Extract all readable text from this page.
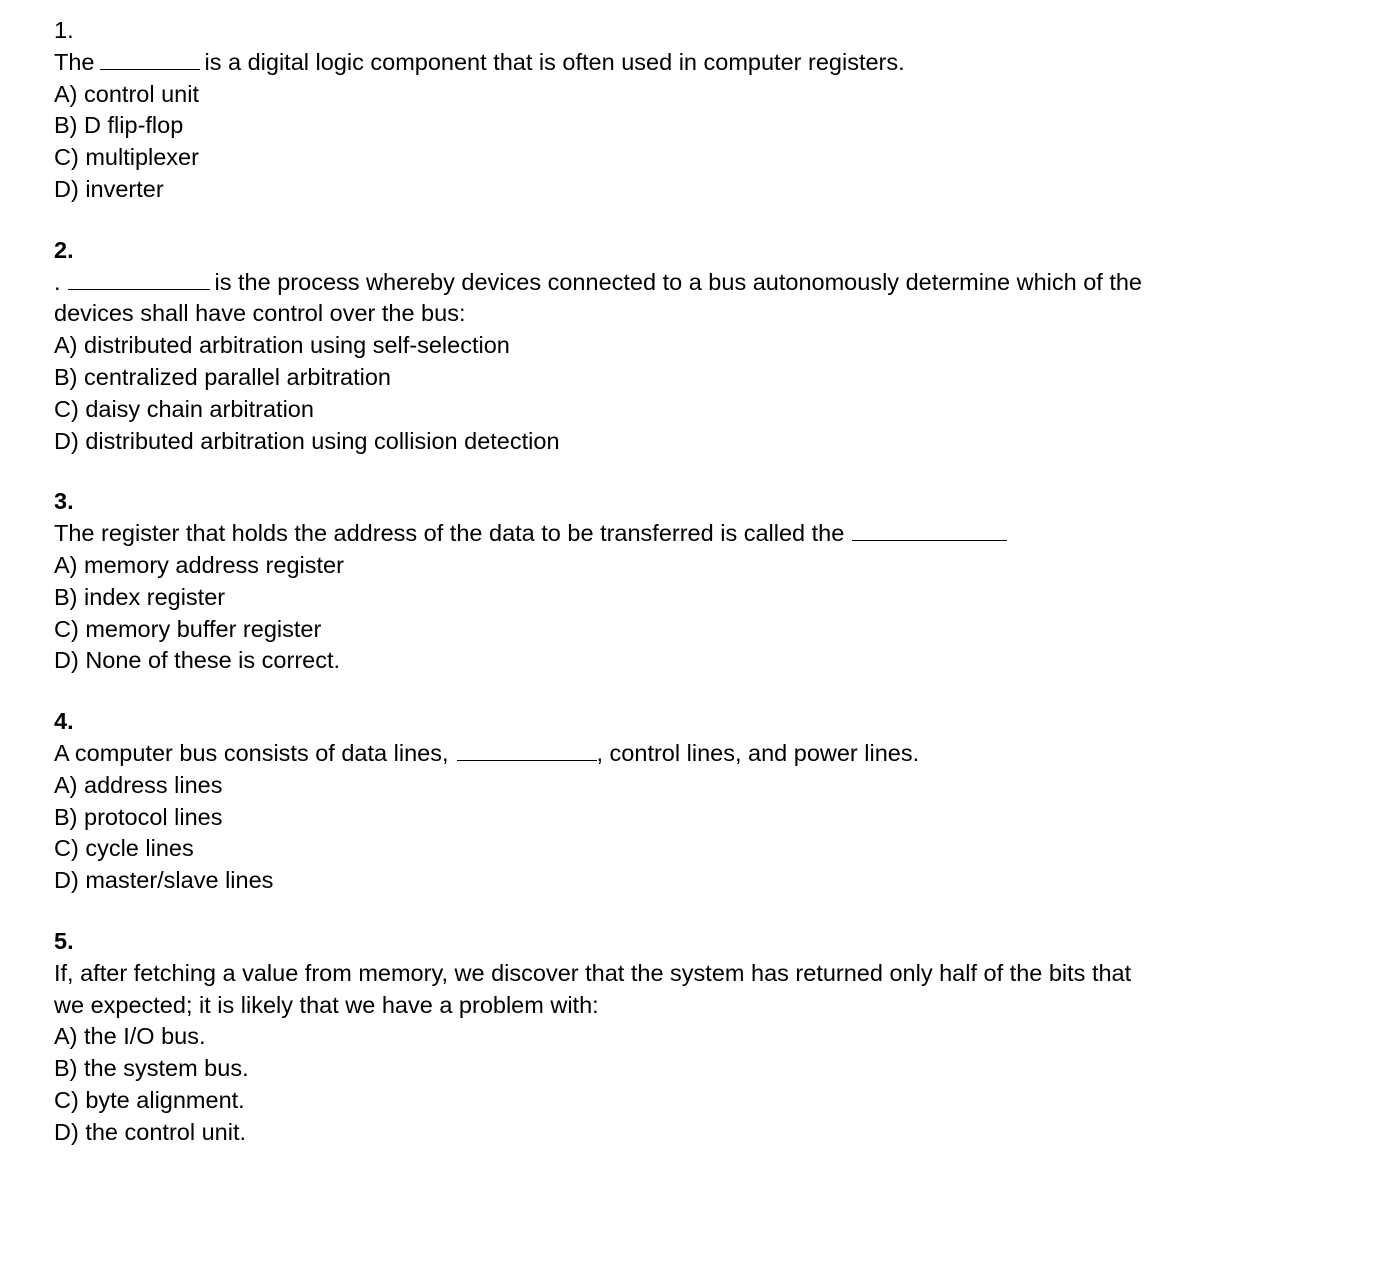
1.
The	is a digital logic component that is often used in computer registers.
A) control unit
B) D flip-flop
C) multiplexer
D) inverter
2.
.	is the process whereby devices connected to a bus autonomously determine which of the
devices shall have control over the bus:
A) distributed arbitration using self-selection
B) centralized parallel arbitration
C) daisy chain arbitration
D) distributed arbitration using collision detection
3.
The register that holds the address of the data to be transferred is called the
A) memory address register
B) index register
C) memory buffer register
D) None of these is correct.
4.
A computer bus consists of data lines,	, control lines, and power lines.
A) address lines
B) protocol lines
C) cycle lines
D) master/slave lines
5.
If, after fetching a value from memory, we discover that the system has returned only half of the bits that
we expected; it is likely that we have a problem with:
A) the I/O bus.
B) the system bus.
C) byte alignment.
D) the control unit.
